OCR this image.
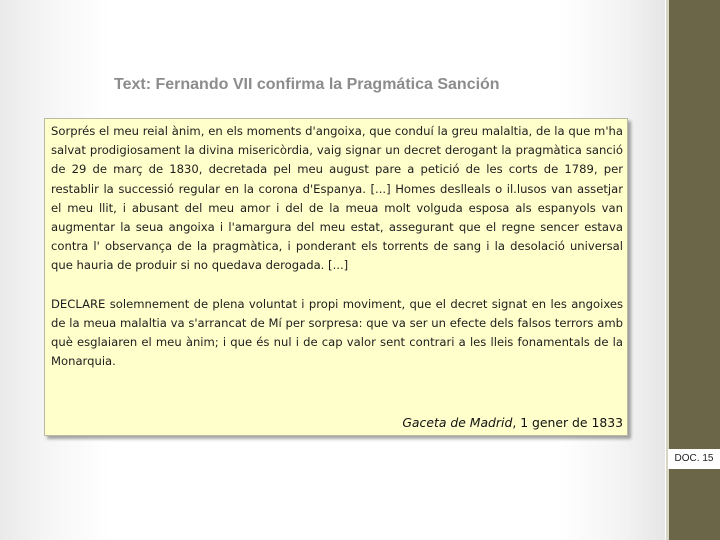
Text: Fernando VII confirma la Pragmática Sanción

Sorprés el meu reial ànim, en els moments d'angoixa, que conduí la greu malaltia, de la que m'ha salvat prodigiosament la divina misericòrdia, vaig signar un decret derogant la pragmàtica sanció de 29 de març de 1830, decretada pel meu august pare a petició de les corts de 1789, per restablir la successió regular en la corona d'Espanya. [...] Homes deslleals o il.lusos van assetjar el meu llit, i abusant del meu amor i del de la meua molt volguda esposa als espanyols van augmentar la seua angoixa i l'amargura del meu estat, assegurant que el regne sencer estava contra l' observança de la pragmàtica, i ponderant els torrents de sang i la desolació universal que hauria de produir si no quedava derogada. [...]

DECLARE solemnement de plena voluntat i propi moviment, que el decret signat en les angoixes de la meua malaltia va s'arrancat de Mí per sorpresa: que va ser un efecte dels falsos terrors amb què esglaiaren el meu ànim; i que és nul i de cap valor sent contrari a les lleis fonamentals de la Monarquia.

Gaceta de Madrid, 1 gener de 1833
DOC. 15
